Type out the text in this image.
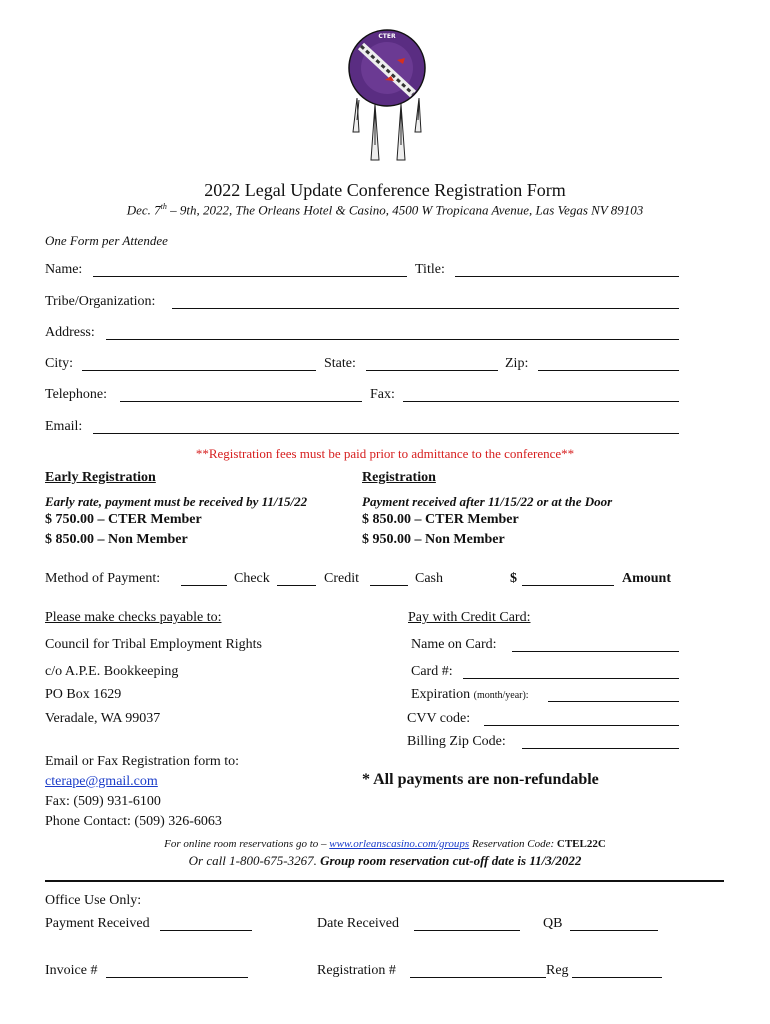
CTER
2022 Legal Update Conference Registration Form
Dec. 7th – 9th, 2022, The Orleans Hotel & Casino, 4500 W Tropicana Avenue, Las Vegas NV 89103
One Form per Attendee
Name:	Title:
Tribe/Organization:
Address:
City:	State:	Zip:
Telephone:	Fax:
Email:
**Registration fees must be paid prior to admittance to the conference**
Early Registration
Early rate, payment must be received by 11/15/22
$ 750.00 – CTER Member
$ 850.00 – Non Member
Registration
Payment received after 11/15/22 or at the Door
$ 850.00 – CTER Member
$ 950.00 – Non Member
Method of Payment:	Check	Credit	Cash	$	Amount
Please make checks payable to:
Council for Tribal Employment Rights
c/o A.P.E. Bookkeeping
PO Box 1629
Veradale, WA 99037
Pay with Credit Card:
Name on Card:
Card #:
Expiration (month/year):
CVV code:
Billing Zip Code:
Email or Fax Registration form to:
cterape@gmail.com
Fax: (509) 931-6100
Phone Contact: (509) 326-6063
* All payments are non-refundable
For online room reservations go to – www.orleanscasino.com/groups Reservation Code: CTEL22C
Or call 1-800-675-3267. Group room reservation cut-off date is 11/3/2022
Office Use Only:
Payment Received	Date Received	QB
Invoice #	Registration #	Reg
